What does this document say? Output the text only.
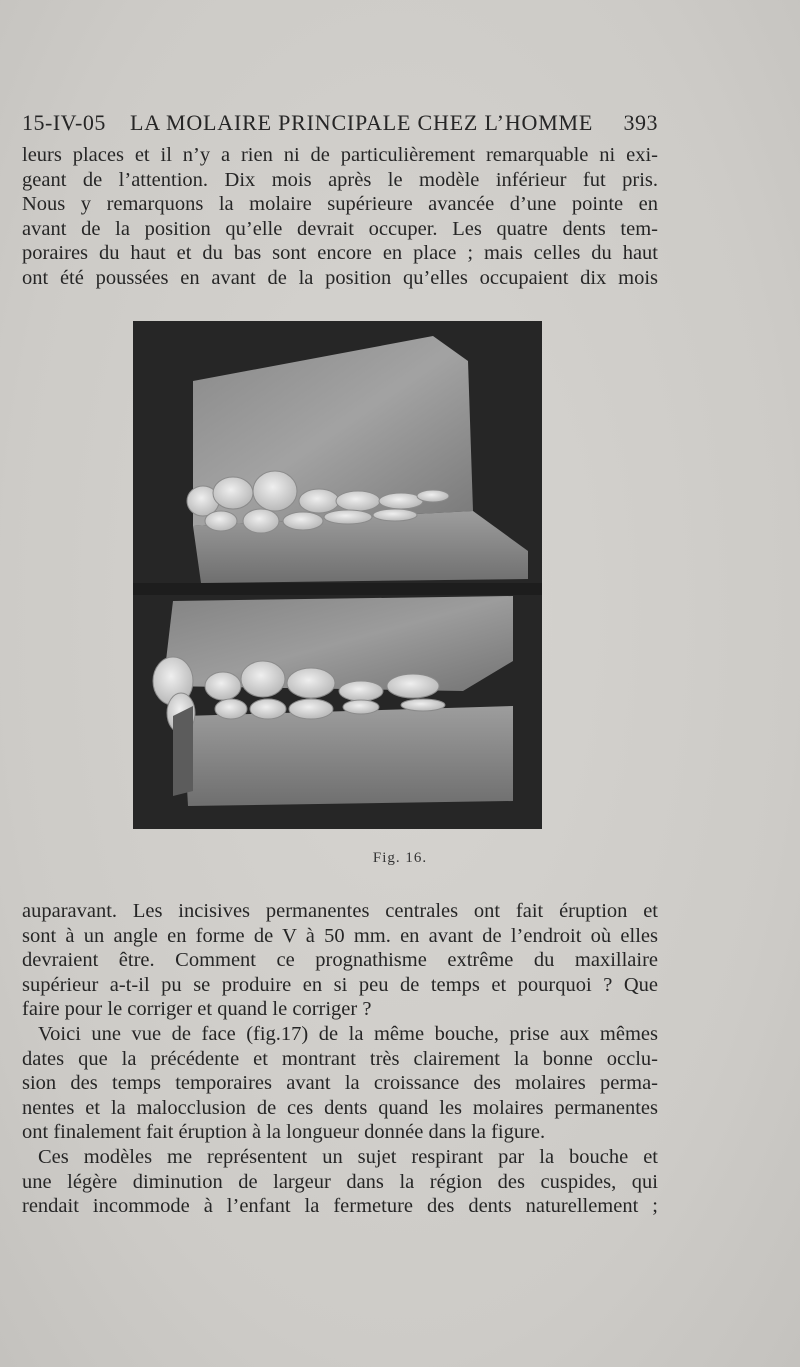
15-IV-05 LA MOLAIRE PRINCIPALE CHEZ L’HOMME 393
leurs places et il n’y a rien ni de particulièrement remarquable ni exi-
geant de l’attention. Dix mois après le modèle inférieur fut pris.
Nous y remarquons la molaire supérieure avancée d’une pointe en
avant de la position qu’elle devrait occuper. Les quatre dents tem-
poraires du haut et du bas sont encore en place ; mais celles du haut
ont été poussées en avant de la position qu’elles occupaient dix mois
Fig. 16.
auparavant. Les incisives permanentes centrales ont fait éruption et
sont à un angle en forme de V à 50 mm. en avant de l’endroit où elles
devraient être. Comment ce prognathisme extrême du maxillaire
supérieur a-t-il pu se produire en si peu de temps et pourquoi ? Que
faire pour le corriger et quand le corriger ?
Voici une vue de face (fig.17) de la même bouche, prise aux mêmes
dates que la précédente et montrant très clairement la bonne occlu-
sion des temps temporaires avant la croissance des molaires perma-
nentes et la malocclusion de ces dents quand les molaires permanentes
ont finalement fait éruption à la longueur donnée dans la figure.
Ces modèles me représentent un sujet respirant par la bouche et
une légère diminution de largeur dans la région des cuspides, qui
rendait incommode à l’enfant la fermeture des dents naturellement ;
